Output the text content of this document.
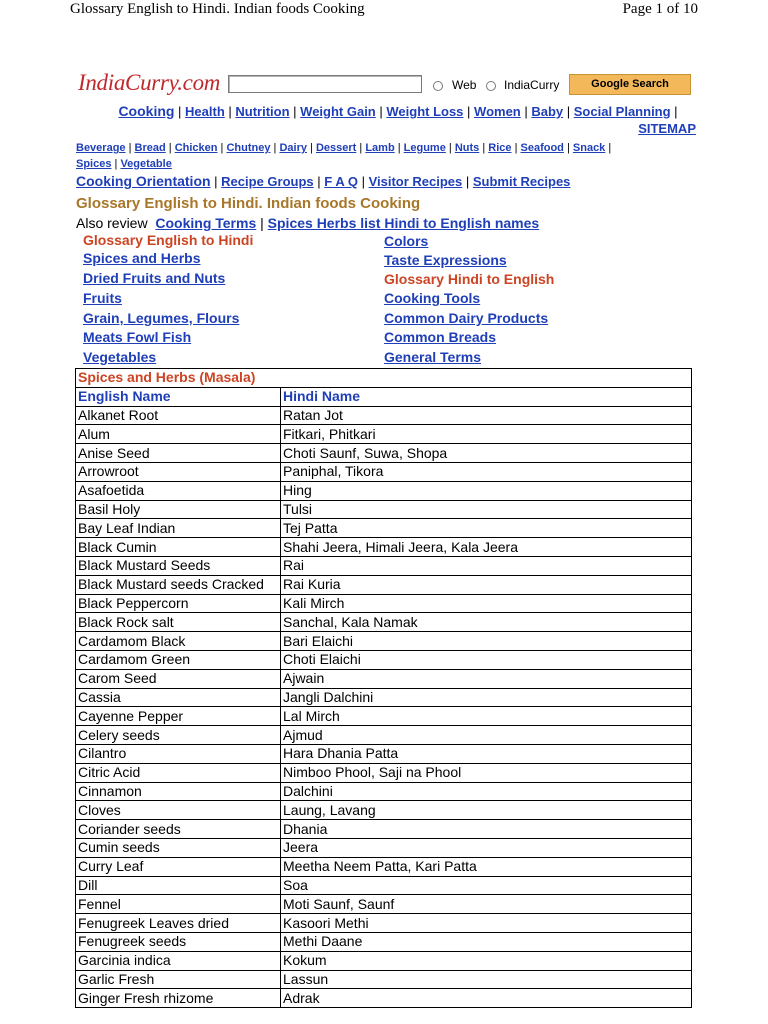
Glossary English to Hindi. Indian foods Cooking	Page 1 of 10
IndiaCurry.com	Web IndiaCurry	Google Search
Cooking | Health | Nutrition | Weight Gain | Weight Loss | Women | Baby | Social Planning |
SITEMAP
Beverage | Bread | Chicken | Chutney | Dairy | Dessert | Lamb | Legume | Nuts | Rice | Seafood | Snack |
Spices | Vegetable
Cooking Orientation | Recipe Groups | F A Q | Visitor Recipes | Submit Recipes
Glossary English to Hindi. Indian foods Cooking
Also review Cooking Terms | Spices Herbs list Hindi to English names
Glossary English to Hindi
Spices and Herbs
Dried Fruits and Nuts
Fruits
Grain, Legumes, Flours
Meats Fowl Fish
Vegetables
Colors
Taste Expressions
Glossary Hindi to English
Cooking Tools
Common Dairy Products
Common Breads
General Terms
Spices and Herbs (Masala)	
English Name	Hindi Name
Alkanet Root	Ratan Jot
Alum	Fitkari, Phitkari
Anise Seed	Choti Saunf, Suwa, Shopa
Arrowroot	Paniphal, Tikora
Asafoetida	Hing
Basil Holy	Tulsi
Bay Leaf Indian	Tej Patta
Black Cumin	Shahi Jeera, Himali Jeera, Kala Jeera
Black Mustard Seeds	Rai
Black Mustard seeds Cracked	Rai Kuria
Black Peppercorn	Kali Mirch
Black Rock salt	Sanchal, Kala Namak
Cardamom Black	Bari Elaichi
Cardamom Green	Choti Elaichi
Carom Seed	Ajwain
Cassia	Jangli Dalchini
Cayenne Pepper	Lal Mirch
Celery seeds	Ajmud
Cilantro	Hara Dhania Patta
Citric Acid	Nimboo Phool, Saji na Phool
Cinnamon	Dalchini
Cloves	Laung, Lavang
Coriander seeds	Dhania
Cumin seeds	Jeera
Curry Leaf	Meetha Neem Patta, Kari Patta
Dill	Soa
Fennel	Moti Saunf, Saunf
Fenugreek Leaves dried	Kasoori Methi
Fenugreek seeds	Methi Daane
Garcinia indica	Kokum
Garlic Fresh	Lassun
Ginger Fresh rhizome	Adrak
